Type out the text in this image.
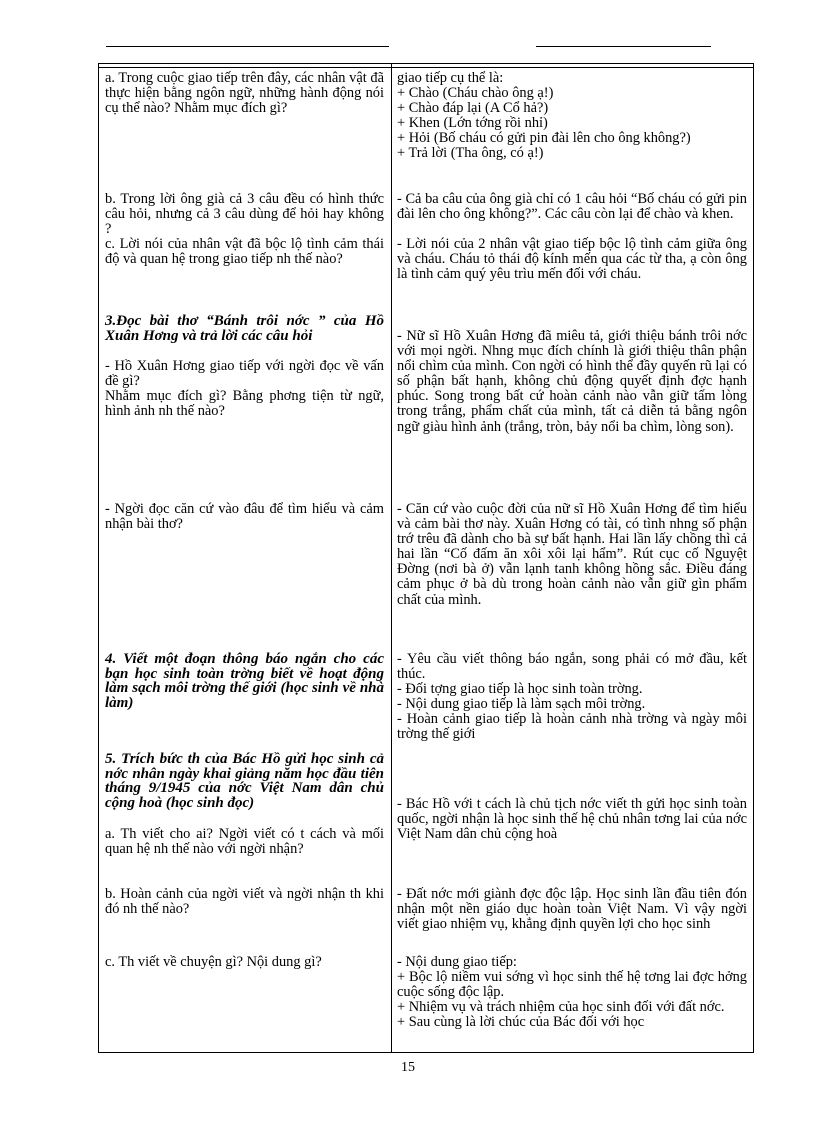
a. Trong cuộc giao tiếp trên đây, các nhân vật đã thực hiện bằng ngôn ngữ, những hành động nói cụ thể nào? Nhằm mục đích gì?

b. Trong lời ông già cả 3 câu đều có hình thức câu hỏi, nhưng cả 3 câu dùng để hỏi hay không ?

c. Lời nói của nhân vật đã bộc lộ tình cảm thái độ và quan hệ trong giao tiếp nh thế nào?

3.Đọc bài thơ “Bánh trôi nớc ” của Hồ Xuân Hơng và trả lời các câu hỏi

- Hồ Xuân Hơng giao tiếp với ngời đọc về vấn đề gì?

Nhằm mục đích gì? Bằng phơng tiện từ ngữ, hình ảnh nh thế nào?

- Ngời đọc căn cứ vào đâu để tìm hiểu và cảm nhận bài thơ?

4. Viết một đoạn thông báo ngắn cho các bạn học sinh toàn trờng biết về hoạt động làm sạch môi trờng thế giới (học sinh về nhà làm)
5. Trích bức th của Bác Hồ gửi học sinh cả nớc nhân ngày khai giảng năm học đầu tiên tháng 9/1945 của nớc Việt Nam dân chủ cộng hoà (học sinh đọc)

a. Th viết cho ai? Ngời viết có t cách và mối quan hệ nh thế nào với ngời nhận?

b. Hoàn cảnh của ngời viết và ngời nhận th khi đó nh thế nào?

c. Th viết về chuyện gì? Nội dung gì?

giao tiếp cụ thể là:

+ Chào (Cháu chào ông ạ!)

+ Chào đáp lại (A Cổ hả?)

+ Khen (Lớn tớng rồi nhỉ)

+ Hỏi (Bố cháu có gửi pin đài lên cho ông không?)

+ Trả lời (Tha ông, có ạ!)

- Cả ba câu của ông già chỉ có 1 câu hỏi “Bố cháu có gửi pin đài lên cho ông không?”. Các câu còn lại để chào và khen.

- Lời nói của 2 nhân vật giao tiếp bộc lộ tình cảm giữa ông và cháu. Cháu tỏ thái độ kính mến qua các từ tha, ạ còn ông là tình cảm quý yêu trìu mến đối với cháu.

- Nữ sĩ Hồ Xuân Hơng đã miêu tả, giới thiệu bánh trôi nớc với mọi ngời. Nhng mục đích chính là giới thiệu thân phận nổi chìm của mình. Con ngời có hình thể đầy quyến rũ lại có số phận bất hạnh, không chủ động quyết định đợc hạnh phúc. Song trong bất cứ hoàn cảnh nào vẫn giữ tấm lòng trong trắng, phẩm chất của mình, tất cả diễn tả bằng ngôn ngữ giàu hình ảnh (trắng, tròn, bảy nổi ba chìm, lòng son).

- Căn cứ vào cuộc đời của nữ sĩ Hồ Xuân Hơng để tìm hiểu và cảm bài thơ này. Xuân Hơng có tài, có tình nhng số phận trớ trêu đã dành cho bà sự bất hạnh. Hai lần lấy chồng thì cả hai lần “Cố đấm ăn xôi xôi lại hẩm”. Rút cục cố Nguyệt Đờng (nơi bà ở) vẫn lạnh tanh không hồng sắc. Điều đáng cảm phục ở bà dù trong hoàn cảnh nào vẫn giữ gìn phẩm chất của mình.

- Yêu cầu viết thông báo ngắn, song phải có mở đầu, kết thúc.

- Đối tợng giao tiếp là học sinh toàn trờng.

- Nội dung giao tiếp là làm sạch môi trờng.

- Hoàn cảnh giao tiếp là hoàn cảnh nhà trờng và ngày môi trờng thế giới

- Bác Hồ với t cách là chủ tịch nớc viết th gửi học sinh toàn quốc, ngời nhận là học sinh thế hệ chủ nhân tơng lai của nớc Việt Nam dân chủ cộng hoà

- Đất nớc mới giành đợc độc lập. Học sinh lần đầu tiên đón nhận một nền giáo dục hoàn toàn Việt Nam. Vì vậy ngời viết giao nhiệm vụ, khẳng định quyền lợi cho học sinh

- Nội dung giao tiếp:

+ Bộc lộ niềm vui sớng vì học sinh thế hệ tơng lai đợc hởng cuộc sống độc lập.

+ Nhiệm vụ và trách nhiệm của học sinh đối với đất nớc.

+ Sau cùng là lời chúc của Bác đối với học

15
